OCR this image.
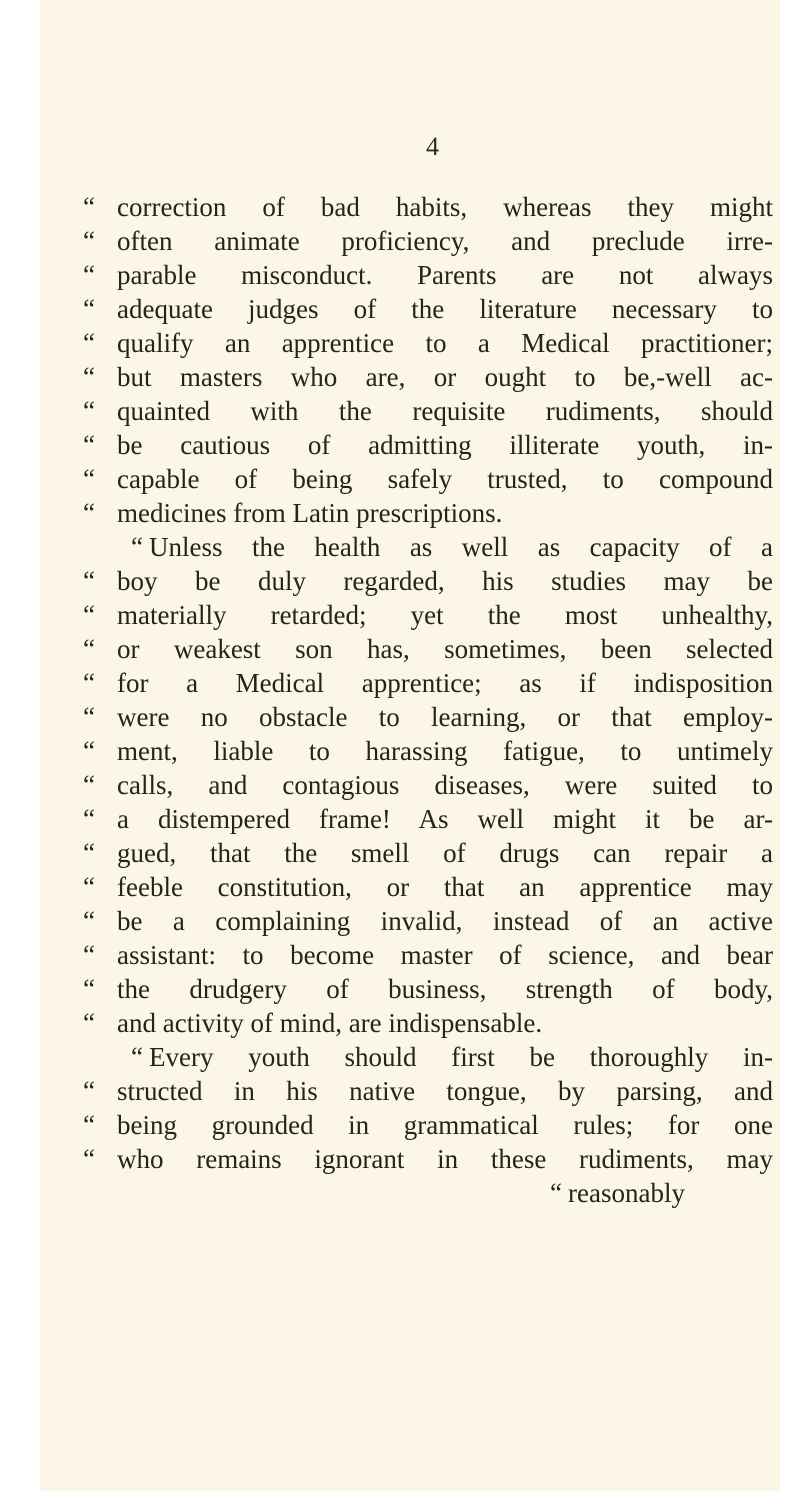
4
“ correction of bad habits, whereas they might
“ often animate proficiency, and preclude irre-
“ parable misconduct. Parents are not always
“ adequate judges of the literature necessary to
“ qualify an apprentice to a Medical practitioner;
“ but masters who are, or ought to be,-well ac-
“ quainted with the requisite rudiments, should
“ be cautious of admitting illiterate youth, in-
“ capable of being safely trusted, to compound
“ medicines from Latin prescriptions.
“ Unless the health as well as capacity of a
“ boy be duly regarded, his studies may be
“ materially retarded; yet the most unhealthy,
“ or weakest son has, sometimes, been selected
“ for a Medical apprentice; as if indisposition
“ were no obstacle to learning, or that employ-
“ ment, liable to harassing fatigue, to untimely
“ calls, and contagious diseases, were suited to
“ a distempered frame! As well might it be ar-
“ gued, that the smell of drugs can repair a
“ feeble constitution, or that an apprentice may
“ be a complaining invalid, instead of an active
“ assistant: to become master of science, and bear
“ the drudgery of business, strength of body,
“ and activity of mind, are indispensable.
“ Every youth should first be thoroughly in-
“ structed in his native tongue, by parsing, and
“ being grounded in grammatical rules; for one
“ who remains ignorant in these rudiments, may
“ reasonably
